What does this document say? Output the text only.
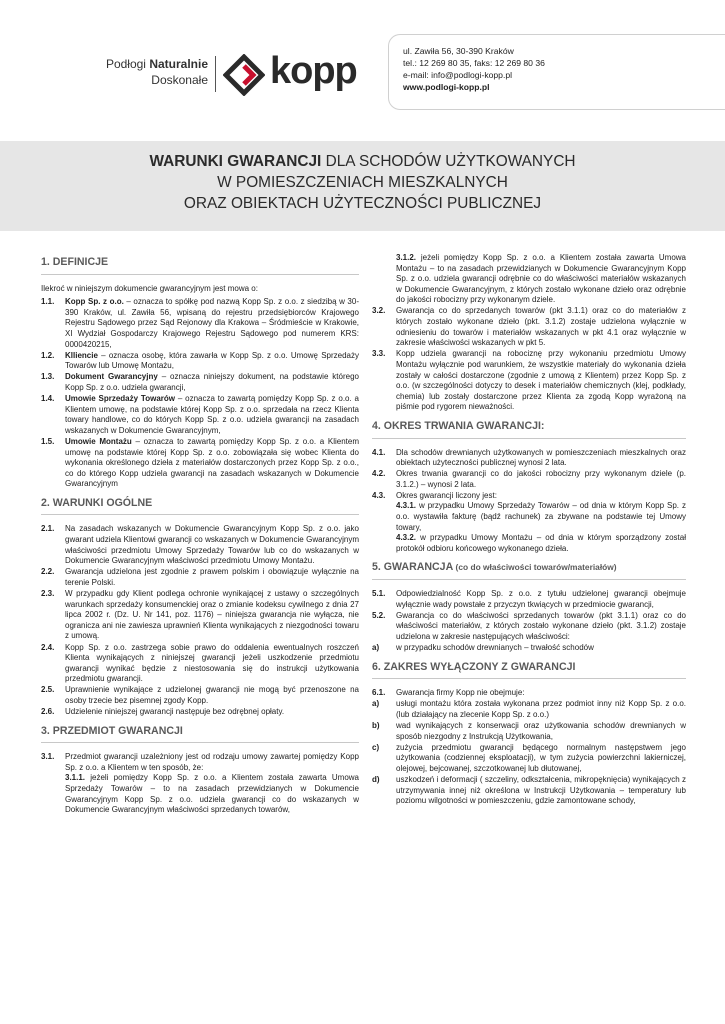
Podłogi Naturalnie
Doskonałe kopp	ul. Zawiła 56, 30-390 Kraków
tel.: 12 269 80 35, faks: 12 269 80 36
e-mail: info@podlogi-kopp.pl
www.podlogi-kopp.pl
WARUNKI GWARANCJI DLA SCHODÓW UŻYTKOWANYCH
W POMIESZCZENIACH MIESZKALNYCH
ORAZ OBIEKTACH UŻYTECZNOŚCI PUBLICZNEJ
1. DEFINICJE
Ilekroć w niniejszym dokumencie gwarancyjnym jest mowa o:
1.1. Kopp Sp. z o.o. – oznacza to spółkę pod nazwą Kopp Sp. z o.o. z siedzibą w 30-390 Kraków, ul. Zawiła 56, wpisaną do rejestru przedsiębiorców Krajowego Rejestru Sądowego przez Sąd Rejonowy dla Krakowa – Śródmieście w Krakowie, XI Wydział Gospodarczy Krajowego Rejestru Sądowego pod numerem KRS: 0000420215,
1.2. Klliencie – oznacza osobę, która zawarła w Kopp Sp. z o.o. Umowę Sprzedaży Towarów lub Umowę Montażu,
1.3. Dokument Gwarancyjny – oznacza niniejszy dokument, na podstawie którego Kopp Sp. z o.o. udziela gwarancji,
1.4. Umowie Sprzedaży Towarów – oznacza to zawartą pomiędzy Kopp Sp. z o.o. a Klientem umowę, na podstawie której Kopp Sp. z o.o. sprzedała na rzecz Klienta towary handlowe, co do których Kopp Sp. z o.o. udziela gwarancji na zasadach wskazanych w Dokumencie Gwarancyjnym,
1.5. Umowie Montażu – oznacza to zawartą pomiędzy Kopp Sp. z o.o. a Klientem umowę na podstawie której Kopp Sp. z o.o. zobowiązała się wobec Klienta do wykonania określonego dzieła z materiałów dostarczonych przez Kopp Sp. z o.o., co do którego Kopp udziela gwarancji na zasadach wskazanych w Dokumencie Gwarancyjnym
2. WARUNKI OGÓLNE
2.1. Na zasadach wskazanych w Dokumencie Gwarancyjnym Kopp Sp. z o.o. jako gwarant udziela Klientowi gwarancji co wskazanych w Dokumencie Gwarancyjnym właściwości przedmiotu Umowy Sprzedaży Towarów lub co do wskazanych w Dokumencie Gwarancyjnym właściwości przedmiotu Umowy Montażu.
2.2. Gwarancja udzielona jest zgodnie z prawem polskim i obowiązuje wyłącznie na terenie Polski.
2.3. W przypadku gdy Klient podlega ochronie wynikającej z ustawy o szczególnych warunkach sprzedaży konsumenckiej oraz o zmianie kodeksu cywilnego z dnia 27 lipca 2002 r. (Dz. U. Nr 141, poz. 1176) – niniejsza gwarancja nie wyłącza, nie ogranicza ani nie zawiesza uprawnień Klienta wynikających z niezgodności towaru z umową.
2.4. Kopp Sp. z o.o. zastrzega sobie prawo do oddalenia ewentualnych roszczeń Klienta wynikających z niniejszej gwarancji jeżeli uszkodzenie przedmiotu gwarancji wynikać będzie z niestosowania się do instrukcji użytkowania przedmiotu gwarancji.
2.5. Uprawnienie wynikające z udzielonej gwarancji nie mogą być przenoszone na osoby trzecie bez pisemnej zgody Kopp.
2.6. Udzielenie niniejszej gwarancji następuje bez odrębnej opłaty.
3. PRZEDMIOT GWARANCJI
3.1. Przedmiot gwarancji uzależniony jest od rodzaju umowy zawartej pomiędzy Kopp Sp. z o.o. a Klientem w ten sposób, że:
3.1.1. jeżeli pomiędzy Kopp Sp. z o.o. a Klientem została zawarta Umowa Sprzedaży Towarów – to na zasadach przewidzianych w Dokumencie Gwarancyjnym Kopp Sp. z o.o. udziela gwarancji co do wskazanych w Dokumencie Gwarancyjnym właściwości sprzedanych towarów,
3.1.2. jeżeli pomiędzy Kopp Sp. z o.o. a Klientem została zawarta Umowa Montażu – to na zasadach przewidzianych w Dokumencie Gwarancyjnym Kopp Sp. z o.o. udziela gwarancji odrębnie co do właściwości materiałów wskazanych w Dokumencie Gwarancyjnym, z których zostało wykonane dzieło oraz odrębnie do jakości robocizny przy wykonanym dziele.
3.2. Gwarancja co do sprzedanych towarów (pkt 3.1.1) oraz co do materiałów z których zostało wykonane dzieło (pkt. 3.1.2) zostaje udzielona wyłącznie w odniesieniu do towarów i materiałów wskazanych w pkt 4.1 oraz wyłącznie w zakresie właściwości wskazanych w pkt 5.
3.3. Kopp udziela gwarancji na robociznę przy wykonaniu przedmiotu Umowy Montażu wyłącznie pod warunkiem, że wszystkie materiały do wykonania dzieła zostały w całości dostarczone (zgodnie z umową z Klientem) przez Kopp Sp. z o.o. (w szczególności dotyczy to desek i materiałów chemicznych (klej, podkłady, chemia) lub zostały dostarczone przez Klienta za zgodą Kopp wyrażoną na piśmie pod rygorem nieważności.
4. OKRES TRWANIA GWARANCJI:
4.1. Dla schodów drewnianych użytkowanych w pomieszczeniach mieszkalnych oraz obiektach użyteczności publicznej wynosi 2 lata.
4.2. Okres trwania gwarancji co do jakości robocizny przy wykonanym dziele (p. 3.1.2.) – wynosi 2 lata.
4.3. Okres gwarancji liczony jest:
4.3.1. w przypadku Umowy Sprzedaży Towarów – od dnia w którym Kopp Sp. z o.o. wystawiła fakturę (bądź rachunek) za zbywane na podstawie tej Umowy towary,
4.3.2. w przypadku Umowy Montażu – od dnia w którym sporządzony został protokół odbioru końcowego wykonanego dzieła.
5. GWARANCJA (co do właściwości towarów/materiałów)
5.1. Odpowiedzialność Kopp Sp. z o.o. z tytułu udzielonej gwarancji obejmuje wyłącznie wady powstałe z przyczyn tkwiących w przedmiocie gwarancji,
5.2. Gwarancja co do właściwości sprzedanych towarów (pkt 3.1.1) oraz co do właściwości materiałów, z których zostało wykonane dzieło (pkt. 3.1.2) zostaje udzielona w zakresie następujących właściwości:
a) w przypadku schodów drewnianych – trwałość schodów
6. ZAKRES WYŁĄCZONY Z GWARANCJI
6.1. Gwarancja firmy Kopp nie obejmuje:
a) usługi montażu która została wykonana przez podmiot inny niż Kopp Sp. z o.o. (lub działający na zlecenie Kopp Sp. z o.o.)
b) wad wynikających z konserwacji oraz użytkowania schodów drewnianych w sposób niezgodny z Instrukcją Użytkowania,
c) zużycia przedmiotu gwarancji będącego normalnym następstwem jego użytkowania (codziennej eksploatacji), w tym zużycia powierzchni lakierniczej, olejowej, bejcowanej, szczotkowanej lub dłutowanej,
d) uszkodzeń i deformacji ( szczeliny, odkształcenia, mikropęknięcia) wynikających z utrzymywania innej niż określona w Instrukcji Użytkowania – temperatury lub poziomu wilgotności w pomieszczeniu, gdzie zamontowane schody,
